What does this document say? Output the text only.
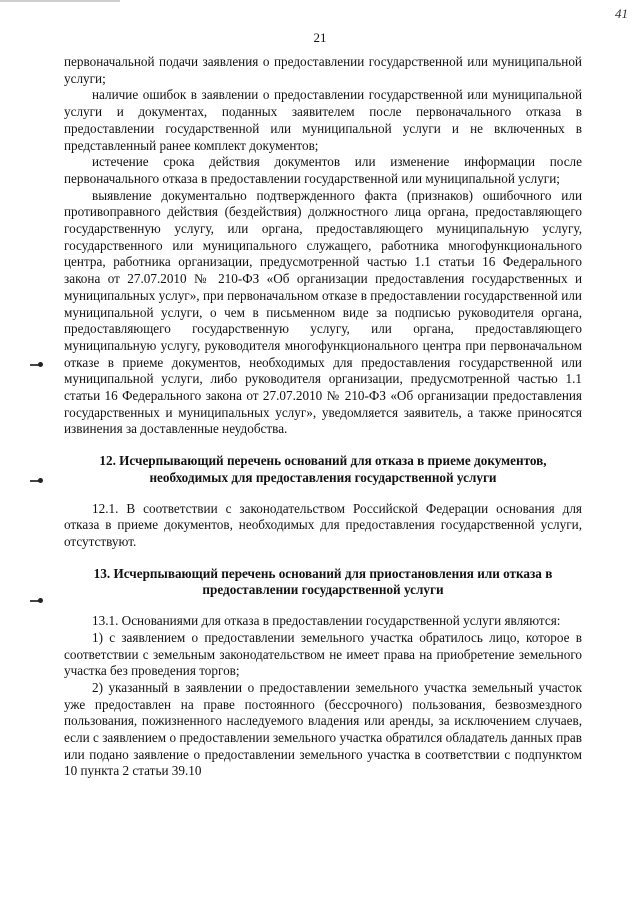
41
21

первоначальной подачи заявления о предоставлении государственной или муниципальной услуги;

наличие ошибок в заявлении о предоставлении государственной или муниципальной услуги и документах, поданных заявителем после первоначального отказа в предоставлении государственной или муниципальной услуги и не включенных в представленный ранее комплект документов;

истечение срока действия документов или изменение информации после первоначального отказа в предоставлении государственной или муниципальной услуги;

выявление документально подтвержденного факта (признаков) ошибочного или противоправного действия (бездействия) должностного лица органа, предоставляющего государственную услугу, или органа, предоставляющего муниципальную услугу, государственного или муниципального служащего, работника многофункционального центра, работника организации, предусмотренной частью 1.1 статьи 16 Федерального закона от 27.07.2010 № 210-ФЗ «Об организации предоставления государственных и муниципальных услуг», при первоначальном отказе в предоставлении государственной или муниципальной услуги, о чем в письменном виде за подписью руководителя органа, предоставляющего государственную услугу, или органа, предоставляющего муниципальную услугу, руководителя многофункционального центра при первоначальном отказе в приеме документов, необходимых для предоставления государственной или муниципальной услуги, либо руководителя организации, предусмотренной частью 1.1 статьи 16 Федерального закона от 27.07.2010 № 210-ФЗ «Об организации предоставления государственных и муниципальных услуг», уведомляется заявитель, а также приносятся извинения за доставленные неудобства.

12. Исчерпывающий перечень оснований для отказа в приеме документов, необходимых для предоставления государственной услуги

12.1. В соответствии с законодательством Российской Федерации основания для отказа в приеме документов, необходимых для предоставления государственной услуги, отсутствуют.

13. Исчерпывающий перечень оснований для приостановления или отказа в предоставлении государственной услуги

13.1. Основаниями для отказа в предоставлении государственной услуги являются:

1) с заявлением о предоставлении земельного участка обратилось лицо, которое в соответствии с земельным законодательством не имеет права на приобретение земельного участка без проведения торгов;

2) указанный в заявлении о предоставлении земельного участка земельный участок уже предоставлен на праве постоянного (бессрочного) пользования, безвозмездного пользования, пожизненного наследуемого владения или аренды, за исключением случаев, если с заявлением о предоставлении земельного участка обратился обладатель данных прав или подано заявление о предоставлении земельного участка в соответствии с подпунктом 10 пункта 2 статьи 39.10
